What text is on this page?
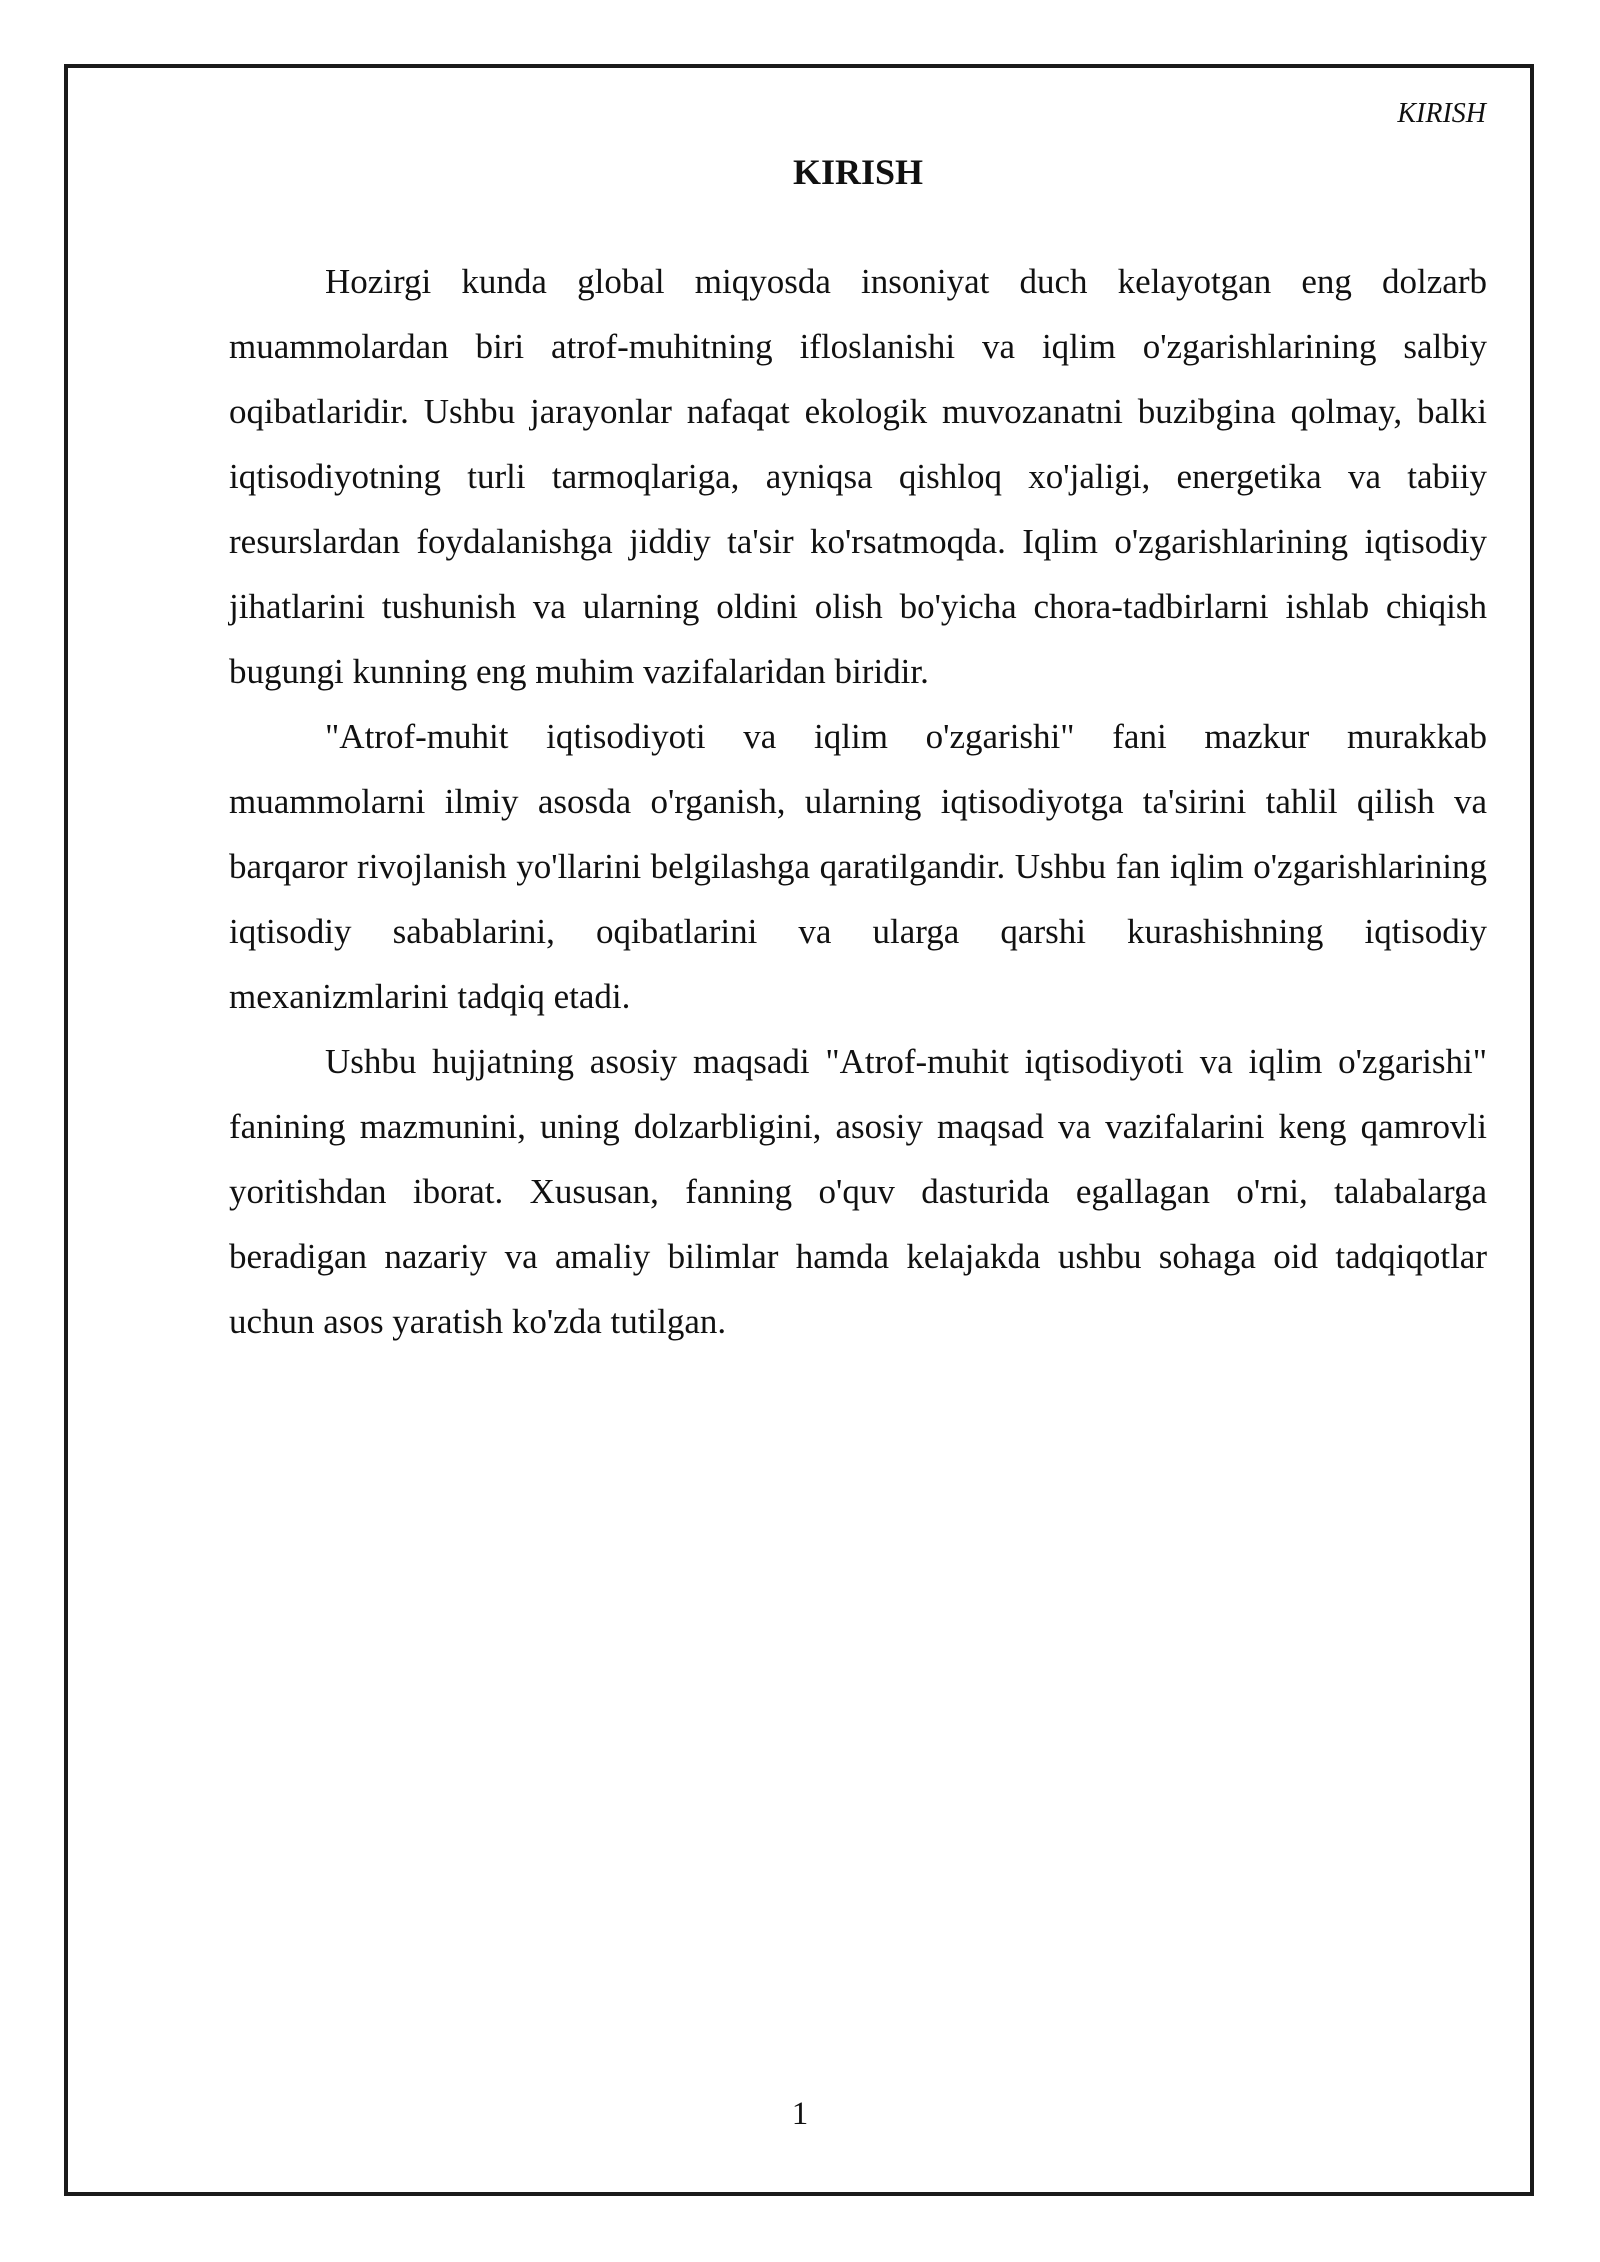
KIRISH

KIRISH

Hozirgi kunda global miqyosda insoniyat duch kelayotgan eng dolzarb muammolardan biri atrof-muhitning ifloslanishi va iqlim o'zgarishlarining salbiy oqibatlaridir. Ushbu jarayonlar nafaqat ekologik muvozanatni buzibgina qolmay, balki iqtisodiyotning turli tarmoqlariga, ayniqsa qishloq xo'jaligi, energetika va tabiiy resurslardan foydalanishga jiddiy ta'sir ko'rsatmoqda. Iqlim o'zgarishlarining iqtisodiy jihatlarini tushunish va ularning oldini olish bo'yicha chora-tadbirlarni ishlab chiqish bugungi kunning eng muhim vazifalaridan biridir.

"Atrof-muhit iqtisodiyoti va iqlim o'zgarishi" fani mazkur murakkab muammolarni ilmiy asosda o'rganish, ularning iqtisodiyotga ta'sirini tahlil qilish va barqaror rivojlanish yo'llarini belgilashga qaratilgandir. Ushbu fan iqlim o'zgarishlarining iqtisodiy sabablarini, oqibatlarini va ularga qarshi kurashishning iqtisodiy mexanizmlarini tadqiq etadi.

Ushbu hujjatning asosiy maqsadi "Atrof-muhit iqtisodiyoti va iqlim o'zgarishi" fanining mazmunini, uning dolzarbligini, asosiy maqsad va vazifalarini keng qamrovli yoritishdan iborat. Xususan, fanning o'quv dasturida egallagan o'rni, talabalarga beradigan nazariy va amaliy bilimlar hamda kelajakda ushbu sohaga oid tadqiqotlar uchun asos yaratish ko'zda tutilgan.

1
